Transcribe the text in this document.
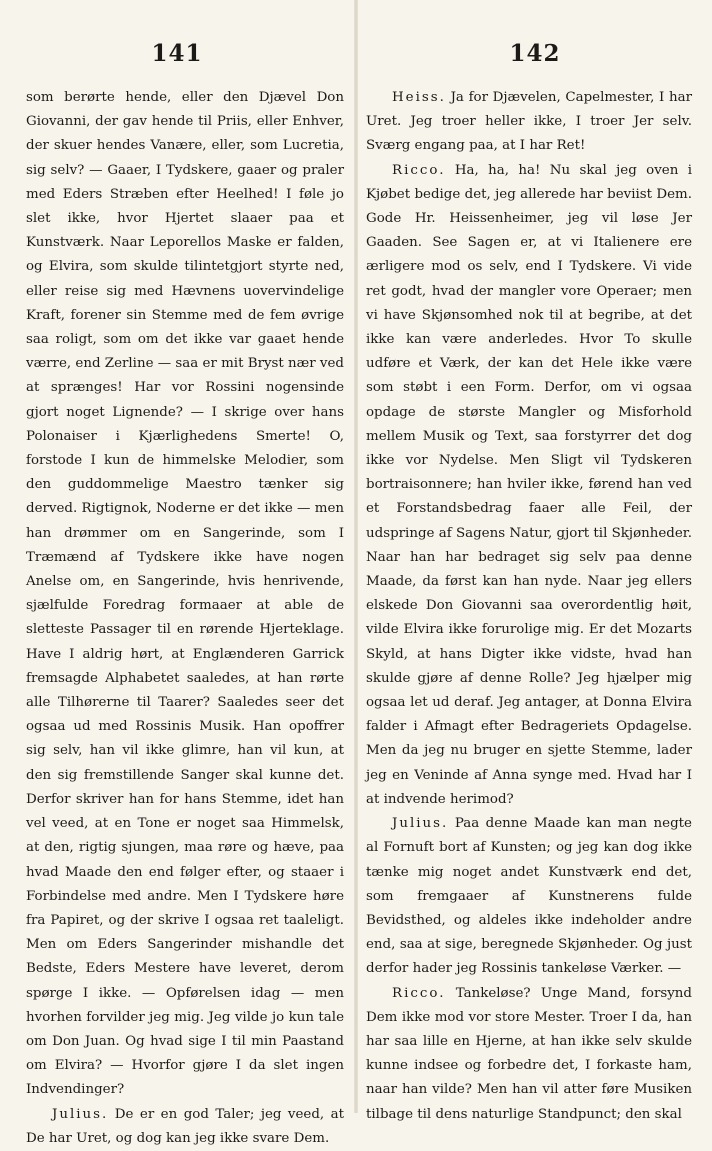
141

som berørte hende, eller den Djævel Don Giovanni, der gav hende til Priis, eller Enhver, der skuer hendes Vanære, eller, som Lucretia, sig selv? — Gaaer, I Tydskere, gaaer og praler med Eders Stræben efter Heelhed! I føle jo slet ikke, hvor Hjertet slaaer paa et Kunstværk. Naar Leporellos Maske er falden, og Elvira, som skulde tilintetgjort styrte ned, eller reise sig med Hævnens uovervindelige Kraft, forener sin Stemme med de fem øvrige saa roligt, som om det ikke var gaaet hende værre, end Zerline — saa er mit Bryst nær ved at sprænges! Har vor Rossini nogensinde gjort noget Lignende? — I skrige over hans Polonaiser i Kjærlighedens Smerte! O, forstode I kun de himmelske Melodier, som den guddommelige Maestro tænker sig derved. Rigtignok, Noderne er det ikke — men han drømmer om en Sangerinde, som I Træmænd af Tydskere ikke have nogen Anelse om, en Sangerinde, hvis henrivende, sjælfulde Foredrag formaaer at able de sletteste Passager til en rørende Hjerteklage. Have I aldrig hørt, at Englænderen Garrick fremsagde Alphabetet saaledes, at han rørte alle Tilhørerne til Taarer? Saaledes seer det ogsaa ud med Rossinis Musik. Han opoffrer sig selv, han vil ikke glimre, han vil kun, at den sig fremstillende Sanger skal kunne det. Derfor skriver han for hans Stemme, idet han vel veed, at en Tone er noget saa Himmelsk, at den, rigtig sjungen, maa røre og hæve, paa hvad Maade den end følger efter, og staaer i Forbindelse med andre. Men I Tydskere høre fra Papiret, og der skrive I ogsaa ret taaleligt. Men om Eders Sangerinder mishandle det Bedste, Eders Mestere have leveret, derom spørge I ikke. — Opførelsen idag — men hvorhen forvilder jeg mig. Jeg vilde jo kun tale om Don Juan. Og hvad sige I til min Paastand om Elvira? — Hvorfor gjøre I da slet ingen Indvendinger?

Julius. De er en god Taler; jeg veed, at De har Uret, og dog kan jeg ikke svare Dem.

142

Heiss. Ja for Djævelen, Capelmester, I har Uret. Jeg troer heller ikke, I troer Jer selv. Sværg engang paa, at I har Ret!

Ricco. Ha, ha, ha! Nu skal jeg oven i Kjøbet bedige det, jeg allerede har beviist Dem. Gode Hr. Heissenheimer, jeg vil løse Jer Gaaden. See Sagen er, at vi Italienere ere ærligere mod os selv, end I Tydskere. Vi vide ret godt, hvad der mangler vore Operaer; men vi have Skjønsomhed nok til at begribe, at det ikke kan være anderledes. Hvor To skulle udføre et Værk, der kan det Hele ikke være som støbt i een Form. Derfor, om vi ogsaa opdage de største Mangler og Misforhold mellem Musik og Text, saa forstyrrer det dog ikke vor Nydelse. Men Sligt vil Tydskeren bortraisonnere; han hviler ikke, førend han ved et Forstandsbedrag faaer alle Feil, der udspringe af Sagens Natur, gjort til Skjønheder. Naar han har bedraget sig selv paa denne Maade, da først kan han nyde. Naar jeg ellers elskede Don Giovanni saa overordentlig høit, vilde Elvira ikke forurolige mig. Er det Mozarts Skyld, at hans Digter ikke vidste, hvad han skulde gjøre af denne Rolle? Jeg hjælper mig ogsaa let ud deraf. Jeg antager, at Donna Elvira falder i Afmagt efter Bedrageriets Opdagelse. Men da jeg nu bruger en sjette Stemme, lader jeg en Veninde af Anna synge med. Hvad har I at indvende herimod?

Julius. Paa denne Maade kan man negte al Fornuft bort af Kunsten; og jeg kan dog ikke tænke mig noget andet Kunstværk end det, som fremgaaer af Kunstnerens fulde Bevidsthed, og aldeles ikke indeholder andre end, saa at sige, beregnede Skjønheder. Og just derfor hader jeg Rossinis tankeløse Værker. —

Ricco. Tankeløse? Unge Mand, forsynd Dem ikke mod vor store Mester. Troer I da, han har saa lille en Hjerne, at han ikke selv skulde kunne indsee og forbedre det, I forkaste ham, naar han vilde? Men han vil atter føre Musiken tilbage til dens naturlige Standpunct; den skal
